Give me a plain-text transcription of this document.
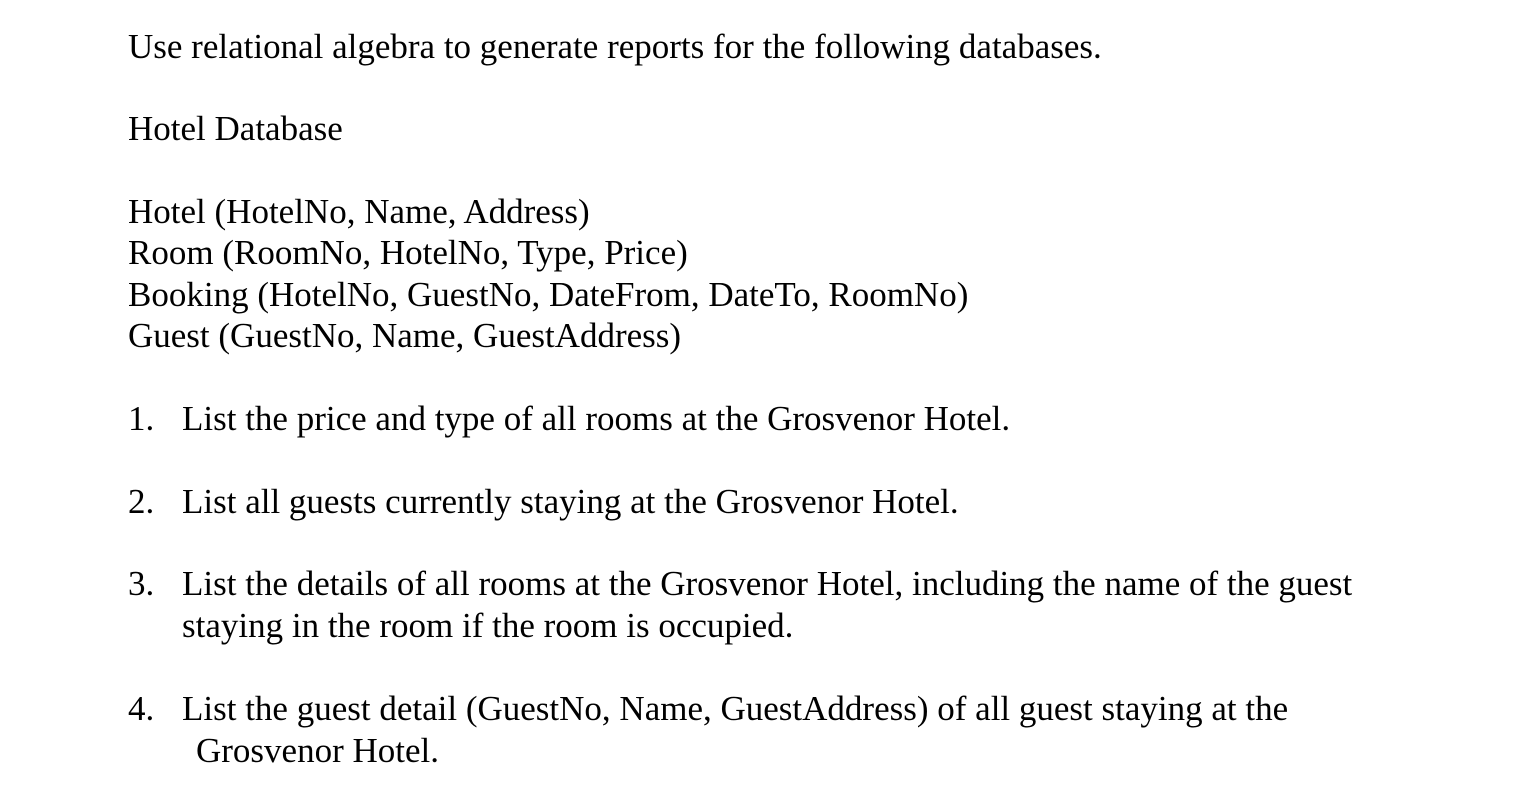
Use relational algebra to generate reports for the following databases.
Hotel Database
Hotel (HotelNo, Name, Address)
Room (RoomNo, HotelNo, Type, Price)
Booking (HotelNo, GuestNo, DateFrom, DateTo, RoomNo)
Guest (GuestNo, Name, GuestAddress)
1. List the price and type of all rooms at the Grosvenor Hotel.
2. List all guests currently staying at the Grosvenor Hotel.
3. List the details of all rooms at the Grosvenor Hotel, including the name of the guest
staying in the room if the room is occupied.
4. List the guest detail (GuestNo, Name, GuestAddress) of all guest staying at the
Grosvenor Hotel.
